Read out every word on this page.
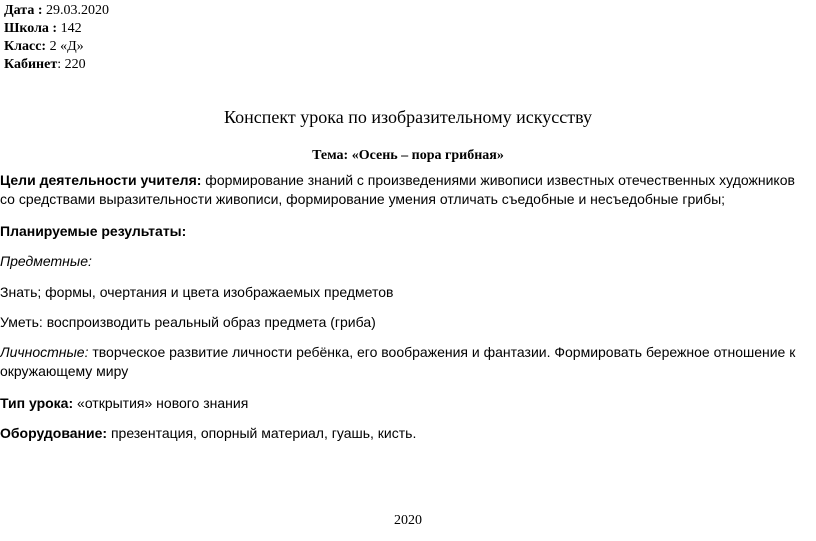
Дата : 29.03.2020
Школа : 142
Класс: 2 «Д»
Кабинет: 220
Конспект урока по изобразительному искусству
Тема: «Осень – пора грибная»
Цели деятельности учителя: формирование знаний с произведениями живописи известных отечественных художников со средствами выразительности живописи, формирование умения отличать съедобные и несъедобные грибы;
Планируемые результаты:
Предметные:
Знать; формы, очертания и цвета изображаемых предметов
Уметь: воспроизводить реальный образ предмета (гриба)
Личностные: творческое развитие личности ребёнка, его воображения и фантазии. Формировать бережное отношение к окружающему миру
Тип урока: «открытия» нового знания
Оборудование: презентация, опорный материал, гуашь, кисть.
2020
